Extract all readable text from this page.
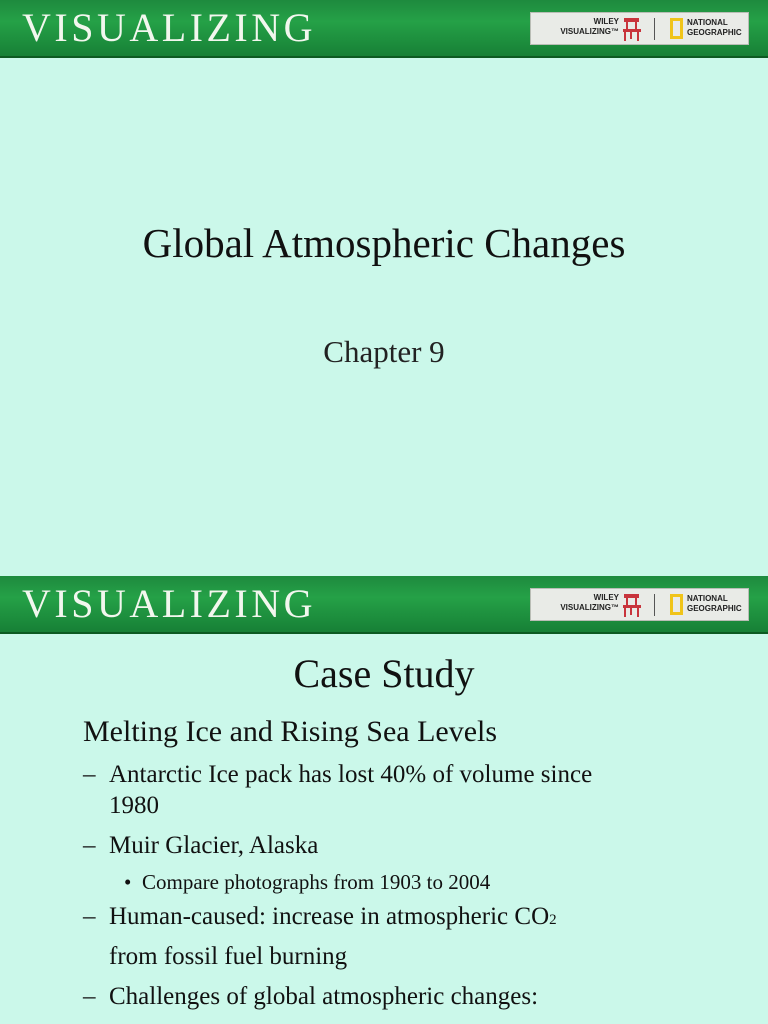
VISUALIZING	WILEY
VISUALIZING™
NATIONAL
GEOGRAPHIC
Global Atmospheric Changes
Chapter 9
VISUALIZING	WILEY
VISUALIZING™
NATIONAL
GEOGRAPHIC
Case Study
Melting Ice and Rising Sea Levels
– Antarctic Ice pack has lost 40% of volume since
1980
– Muir Glacier, Alaska
• Compare photographs from 1903 to 2004
– Human-caused: increase in atmospheric CO2
from fossil fuel burning
– Challenges of global atmospheric changes:
